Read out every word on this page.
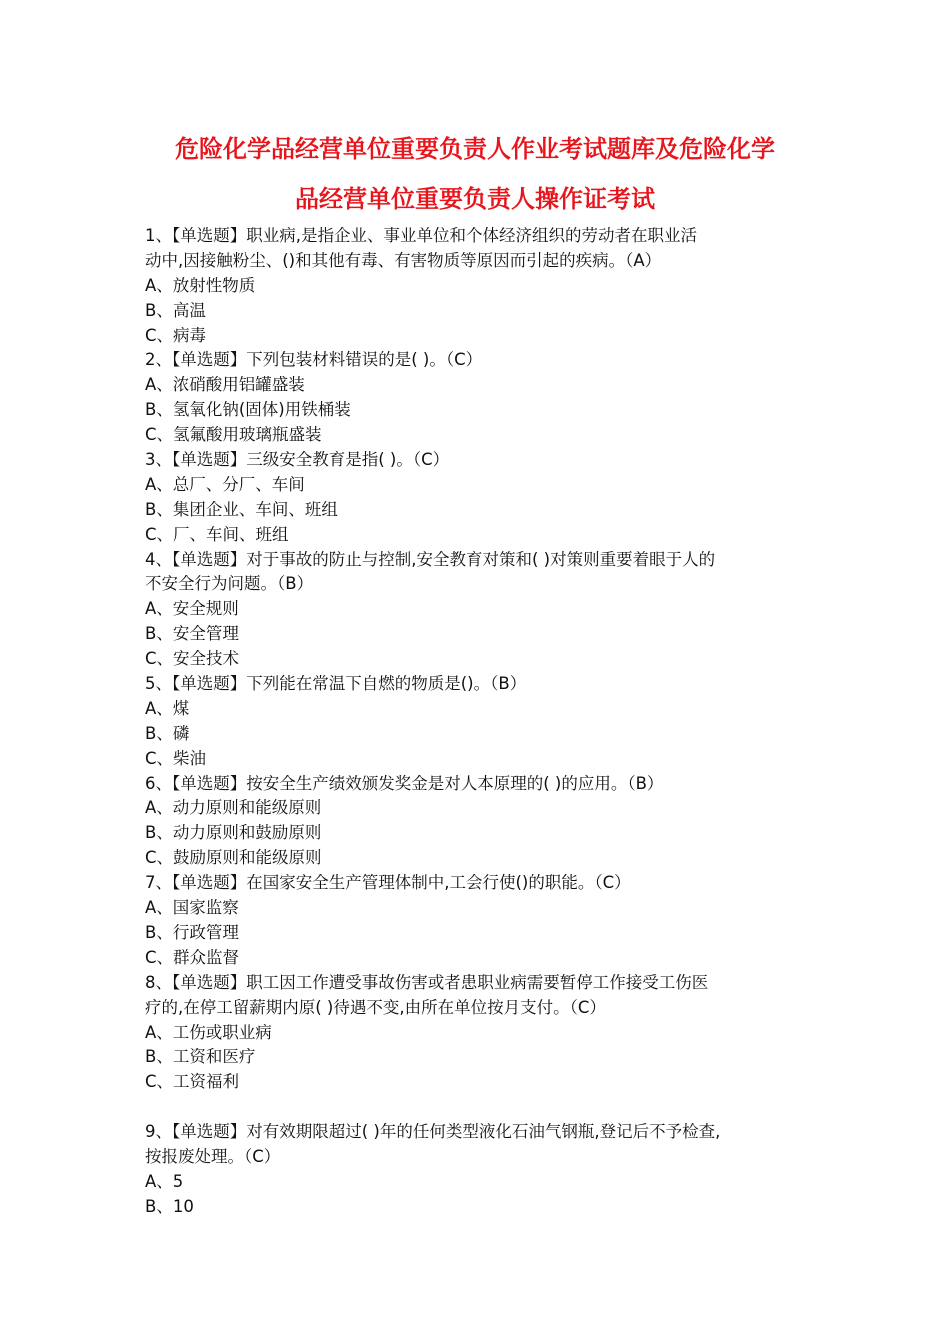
危险化学品经营单位重要负责人作业考试题库及危险化学
品经营单位重要负责人操作证考试
1、【单选题】职业病,是指企业、事业单位和个体经济组织的劳动者在职业活
动中,因接触粉尘、()和其他有毒、有害物质等原因而引起的疾病。（A）
A、放射性物质
B、高温
C、病毒
2、【单选题】下列包装材料错误的是( )。（C）
A、浓硝酸用铝罐盛装
B、氢氧化钠(固体)用铁桶装
C、氢氟酸用玻璃瓶盛装
3、【单选题】三级安全教育是指( )。（C）
A、总厂、分厂、车间
B、集团企业、车间、班组
C、厂、车间、班组
4、【单选题】对于事故的防止与控制,安全教育对策和( )对策则重要着眼于人的
不安全行为问题。（B）
A、安全规则
B、安全管理
C、安全技术
5、【单选题】下列能在常温下自燃的物质是()。（B）
A、煤
B、磷
C、柴油
6、【单选题】按安全生产绩效颁发奖金是对人本原理的( )的应用。（B）
A、动力原则和能级原则
B、动力原则和鼓励原则
C、鼓励原则和能级原则
7、【单选题】在国家安全生产管理体制中,工会行使()的职能。（C）
A、国家监察
B、行政管理
C、群众监督
8、【单选题】职工因工作遭受事故伤害或者患职业病需要暂停工作接受工伤医
疗的,在停工留薪期内原( )待遇不变,由所在单位按月支付。（C）
A、工伤或职业病
B、工资和医疗
C、工资福利
9、【单选题】对有效期限超过( )年的任何类型液化石油气钢瓶,登记后不予检查,
按报废处理。（C）
A、5
B、10
